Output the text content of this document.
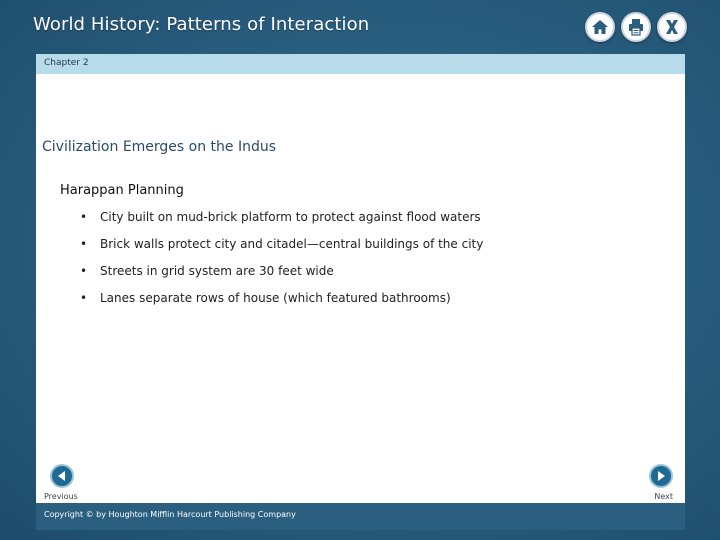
World History: Patterns of Interaction
Chapter 2
Civilization Emerges on the Indus
Harappan Planning
•	City built on mud-brick platform to protect against flood waters
•	Brick walls protect city and citadel—central buildings of the city
•	Streets in grid system are 30 feet wide
•	Lanes separate rows of house (which featured bathrooms)
Previous	Next
Copyright © by Houghton Mifflin Harcourt Publishing Company
